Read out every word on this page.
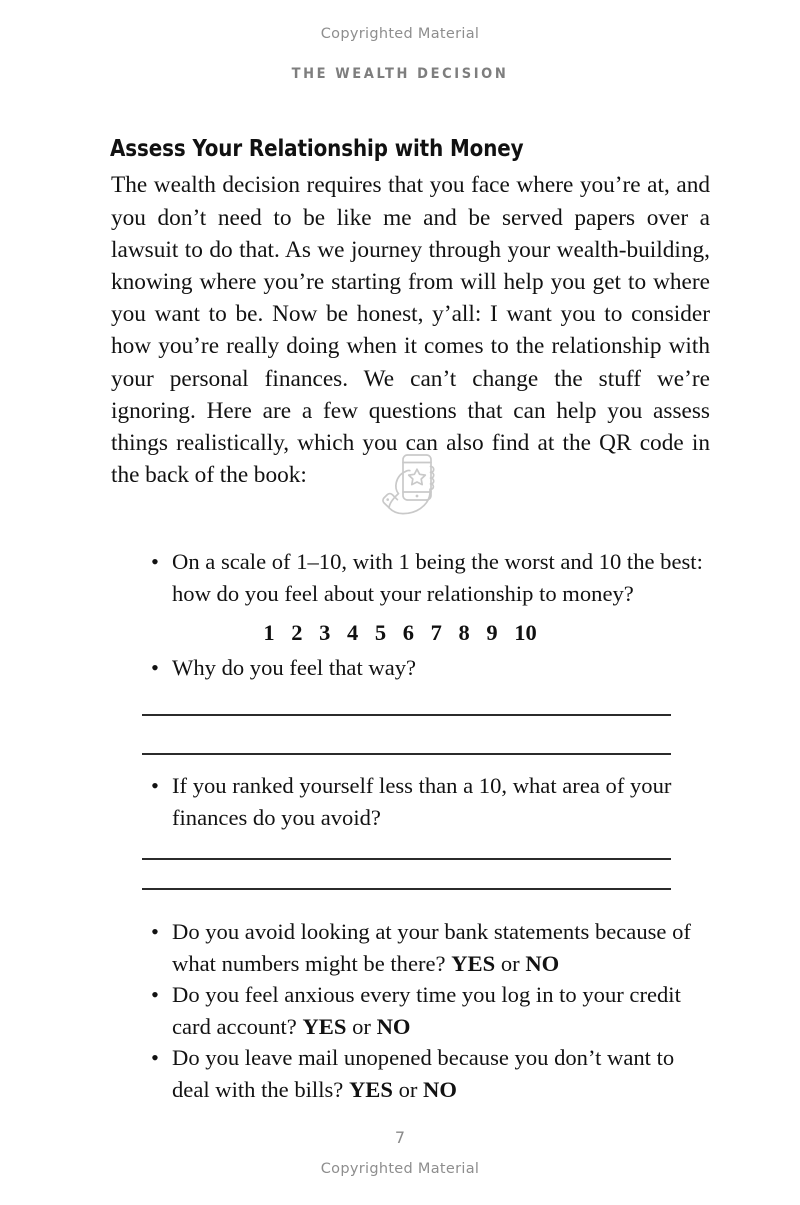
Copyrighted Material
THE WEALTH DECISION
Assess Your Relationship with Money

The wealth decision requires that you face where you’re at, and you don’t need to be like me and be served papers over a lawsuit to do that. As we journey through your wealth-building, knowing where you’re starting from will help you get to where you want to be. Now be honest, y’all: I want you to consider how you’re really doing when it comes to the relationship with your personal finances. We can’t change the stuff we’re ignoring. Here are a few questions that can help you assess things realistically, which you can also find at the QR code in the back of the book:

• On a scale of 1–10, with 1 being the worst and 10 the best: how do you feel about your relationship to money?
1 2 3 4 5 6 7 8 9 10
• Why do you feel that way?
• If you ranked yourself less than a 10, what area of your finances do you avoid?
• Do you avoid looking at your bank statements because of what numbers might be there? YES or NO
• Do you feel anxious every time you log in to your credit card account? YES or NO
• Do you leave mail unopened because you don’t want to deal with the bills? YES or NO
7
Copyrighted Material
